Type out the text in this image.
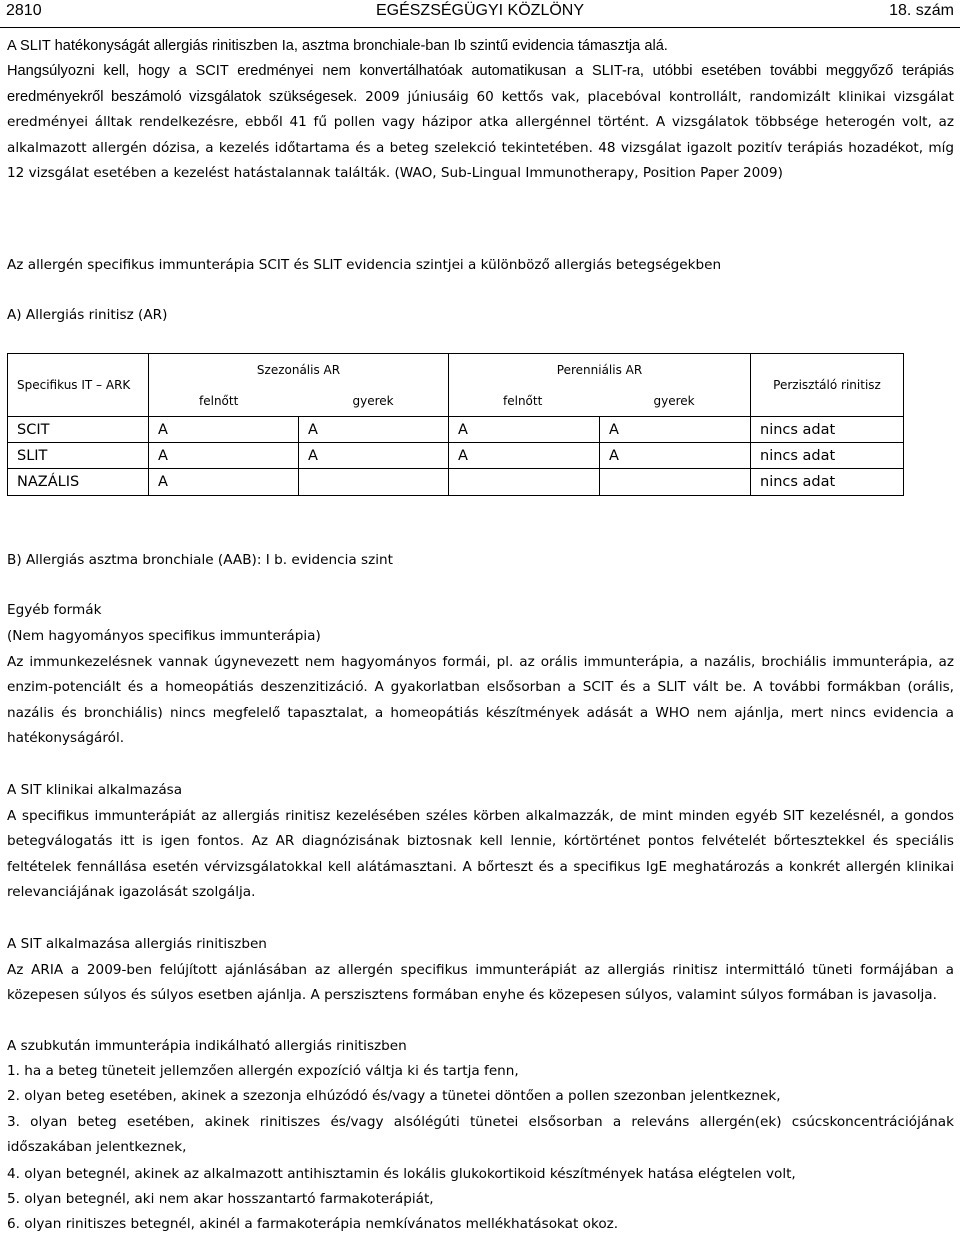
2810	EGÉSZSÉGÜGYI KÖZLÖNY	18. szám

A SLIT hatékonyságát allergiás rinitiszben Ia, asztma bronchiale-ban Ib szintű evidencia támasztja alá.
Hangsúlyozni kell, hogy a SCIT eredményei nem konvertálhatóak automatikusan a SLIT-ra, utóbbi esetében további meggyőző terápiás eredményekről beszámoló vizsgálatok szükségesek. 2009 júniusáig 60 kettős vak, placebóval kontrollált, randomizált klinikai vizsgálat eredményei álltak rendelkezésre, ebből 41 fű pollen vagy házipor atka allergénnel történt. A vizsgálatok többsége heterogén volt, az alkalmazott allergén dózisa, a kezelés időtartama és a beteg szelekció tekintetében. 48 vizsgálat igazolt pozitív terápiás hozadékot, míg 12 vizsgálat esetében a kezelést hatástalannak találták. (WAO, Sub-Lingual Immunotherapy, Position Paper 2009)

Az allergén specifikus immunterápia SCIT és SLIT evidencia szintjei a különböző allergiás betegségekben

A) Allergiás rinitisz (AR)

Specifikus IT – ARK	Szezonális AR		Perenniális AR		Perzisztáló rinitisz
	felnőtt	gyerek	felnőtt	gyerek	
SCIT	A	A	A	A	nincs adat
SLIT	A	A	A	A	nincs adat
NAZÁLIS	A				nincs adat

B) Allergiás asztma bronchiale (AAB): I b. evidencia szint

Egyéb formák

(Nem hagyományos specifikus immunterápia)

Az immunkezelésnek vannak úgynevezett nem hagyományos formái, pl. az orális immunterápia, a nazális, brochiális immunterápia, az enzim-potenciált és a homeopátiás deszenzitizáció. A gyakorlatban elsősorban a SCIT és a SLIT vált be. A további formákban (orális, nazális és bronchiális) nincs megfelelő tapasztalat, a homeopátiás készítmények adását a WHO nem ajánlja, mert nincs evidencia a hatékonyságáról.

A SIT klinikai alkalmazása

A specifikus immunterápiát az allergiás rinitisz kezelésében széles körben alkalmazzák, de mint minden egyéb SIT kezelésnél, a gondos betegválogatás itt is igen fontos. Az AR diagnózisának biztosnak kell lennie, kórtörténet pontos felvételét bőrtesztekkel és speciális feltételek fennállása esetén vérvizsgálatokkal kell alátámasztani. A bőrteszt és a specifikus IgE meghatározás a konkrét allergén klinikai relevanciájának igazolását szolgálja.

A SIT alkalmazása allergiás rinitiszben

Az ARIA a 2009-ben felújított ajánlásában az allergén specifikus immunterápiát az allergiás rinitisz intermittáló tüneti formájában a közepesen súlyos és súlyos esetben ajánlja. A perszisztens formában enyhe és közepesen súlyos, valamint súlyos formában is javasolja.

A szubkután immunterápia indikálható allergiás rinitiszben

1. ha a beteg tüneteit jellemzően allergén expozíció váltja ki és tartja fenn,

2. olyan beteg esetében, akinek a szezonja elhúzódó és/vagy a tünetei döntően a pollen szezonban jelentkeznek,

3. olyan beteg esetében, akinek rinitiszes és/vagy alsólégúti tünetei elsősorban a releváns allergén(ek) csúcskoncentrációjának időszakában jelentkeznek,

4. olyan betegnél, akinek az alkalmazott antihisztamin és lokális glukokortikoid készítmények hatása elégtelen volt,

5. olyan betegnél, aki nem akar hosszantartó farmakoterápiát,

6. olyan rinitiszes betegnél, akinél a farmakoterápia nemkívánatos mellékhatásokat okoz.
